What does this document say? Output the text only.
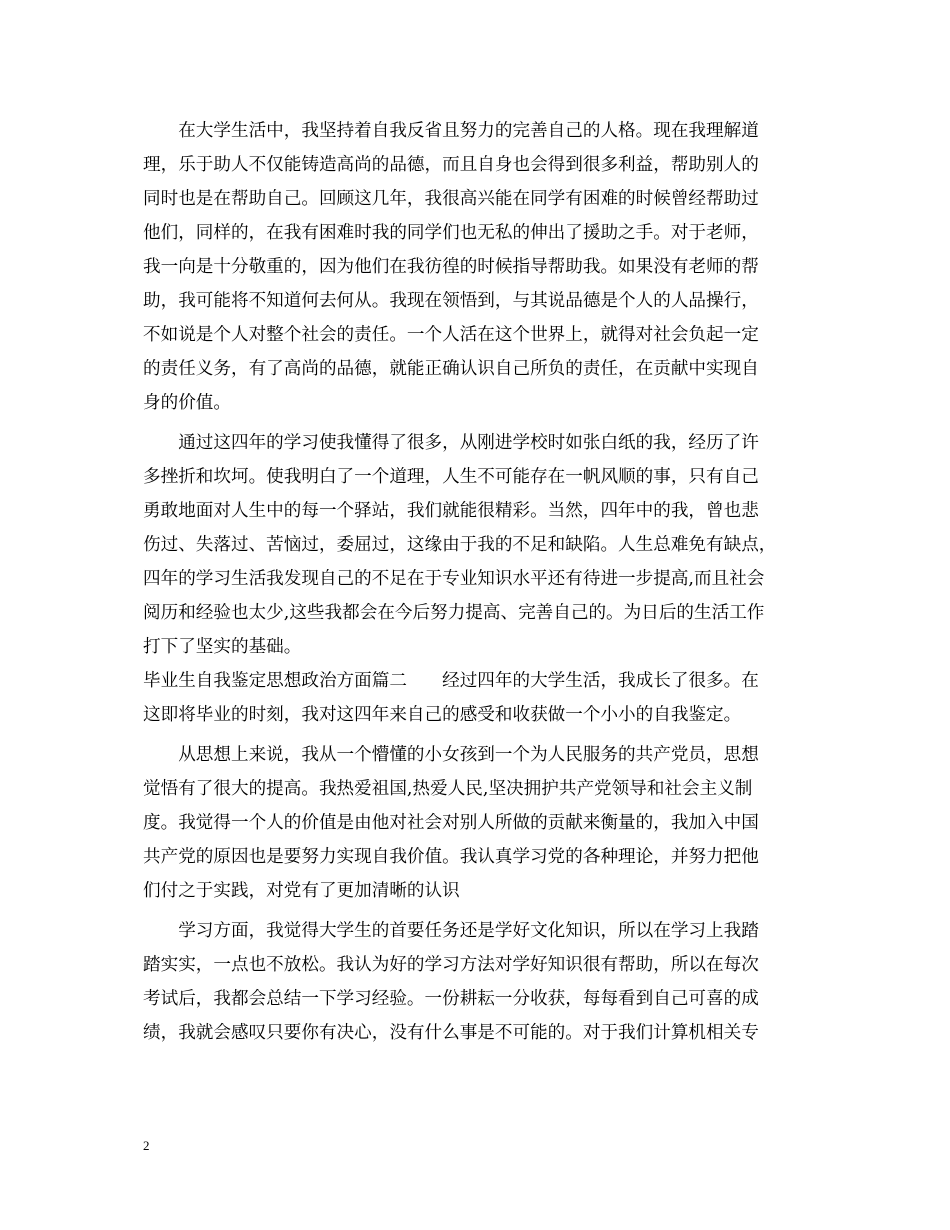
　　在大学生活中，我坚持着自我反省且努力的完善自己的人格。现在我理解道
理，乐于助人不仅能铸造高尚的品德，而且自身也会得到很多利益，帮助别人的
同时也是在帮助自己。回顾这几年，我很高兴能在同学有困难的时候曾经帮助过
他们，同样的，在我有困难时我的同学们也无私的伸出了援助之手。对于老师，
我一向是十分敬重的，因为他们在我彷徨的时候指导帮助我。如果没有老师的帮
助，我可能将不知道何去何从。我现在领悟到，与其说品德是个人的人品操行，
不如说是个人对整个社会的责任。一个人活在这个世界上，就得对社会负起一定
的责任义务，有了高尚的品德，就能正确认识自己所负的责任，在贡献中实现自
身的价值。
　　通过这四年的学习使我懂得了很多，从刚进学校时如张白纸的我，经历了许
多挫折和坎坷。使我明白了一个道理，人生不可能存在一帆风顺的事，只有自己
勇敢地面对人生中的每一个驿站，我们就能很精彩。当然，四年中的我，曾也悲
伤过、失落过、苦恼过，委屈过，这缘由于我的不足和缺陷。人生总难免有缺点，
四年的学习生活我发现自己的不足在于专业知识水平还有待进一步提高,而且社会
阅历和经验也太少,这些我都会在今后努力提高、完善自己的。为日后的生活工作
打下了坚实的基础。
毕业生自我鉴定思想政治方面篇二　　经过四年的大学生活，我成长了很多。在
这即将毕业的时刻，我对这四年来自己的感受和收获做一个小小的自我鉴定。
　　从思想上来说，我从一个懵懂的小女孩到一个为人民服务的共产党员，思想
觉悟有了很大的提高。我热爱祖国,热爱人民,坚决拥护共产党领导和社会主义制
度。我觉得一个人的价值是由他对社会对别人所做的贡献来衡量的，我加入中国
共产党的原因也是要努力实现自我价值。我认真学习党的各种理论，并努力把他
们付之于实践，对党有了更加清晰的认识
　　学习方面，我觉得大学生的首要任务还是学好文化知识，所以在学习上我踏
踏实实，一点也不放松。我认为好的学习方法对学好知识很有帮助，所以在每次
考试后，我都会总结一下学习经验。一份耕耘一分收获，每每看到自己可喜的成
绩，我就会感叹只要你有决心，没有什么事是不可能的。对于我们计算机相关专
2
